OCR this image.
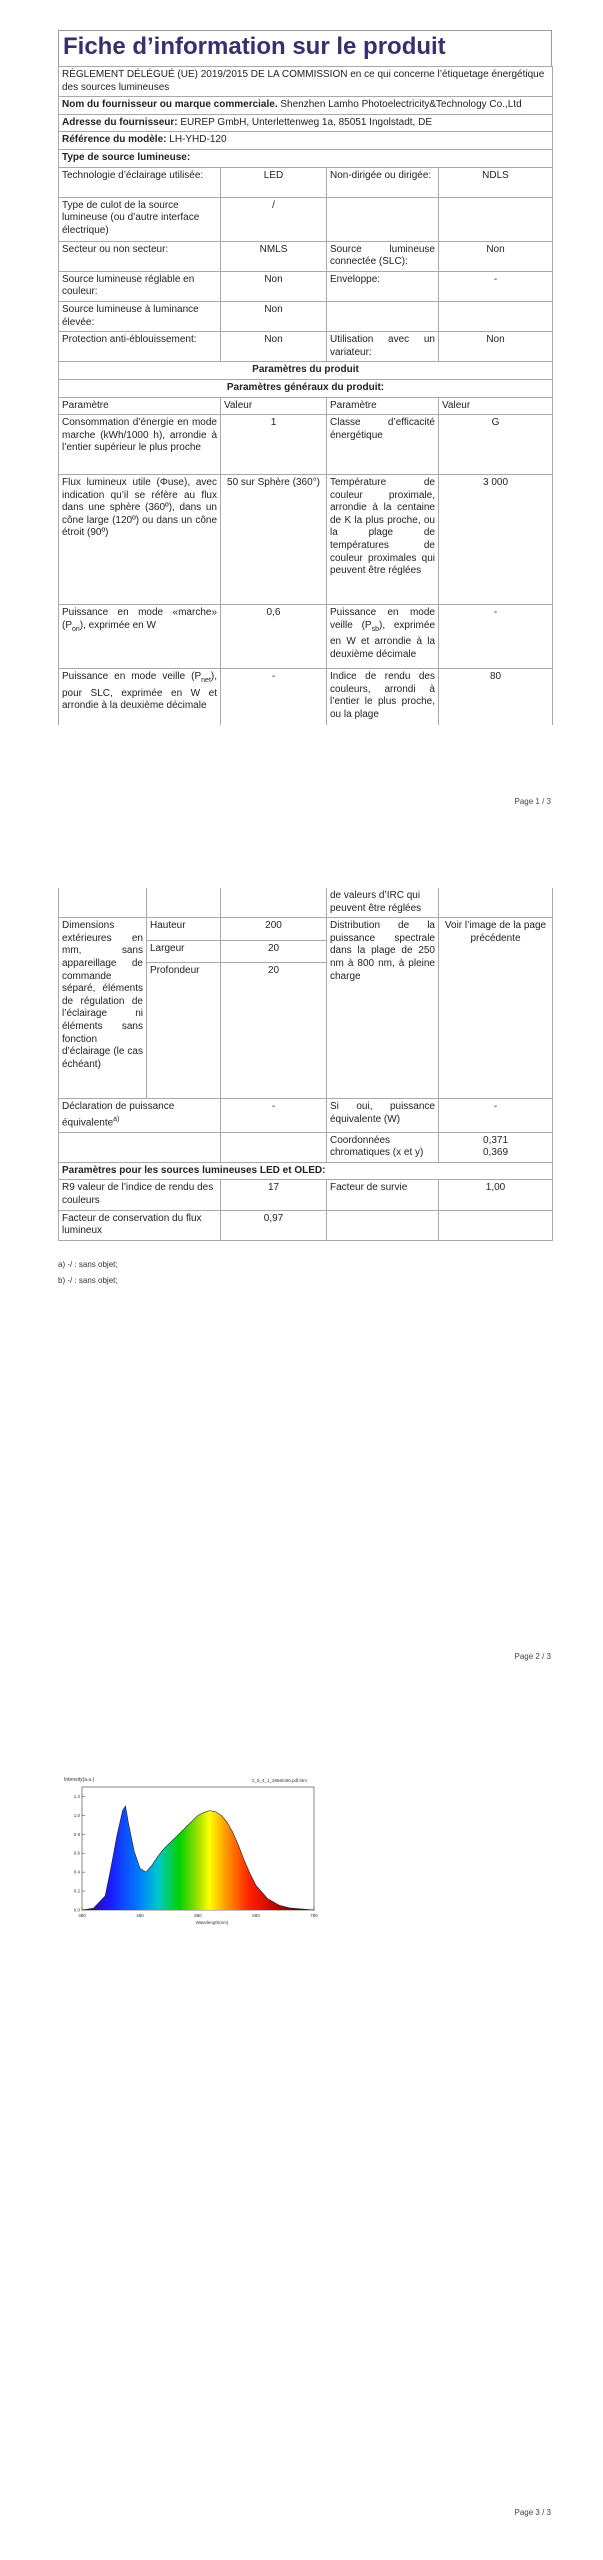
Fiche d’information sur le produit
RÈGLEMENT DÉLÉGUÉ (UE) 2019/2015 DE LA COMMISSION en ce qui concerne l’étiquetage énergétique des sources lumineuses			
Nom du fournisseur ou marque commerciale. Shenzhen Lamho Photoelectricity&Technology Co.,Ltd			
Adresse du fournisseur: EUREP GmbH, Unterlettenweg 1a, 85051 Ingolstadt, DE			
Référence du modèle: LH-YHD-120			
Type de source lumineuse:			
Technologie d’éclairage utilisée:	LED	Non-dirigée ou dirigée:	NDLS
Type de culot de la source lumineuse (ou d’autre interface électrique)	/		
Secteur ou non secteur:	NMLS	Source lumineuse connectée (SLC):	Non
Source lumineuse réglable en couleur:	Non	Enveloppe:	-
Source lumineuse à luminance élevée:	Non		
Protection anti-éblouissement:	Non	Utilisation avec un variateur:	Non
Paramètres du produit			
Paramètres généraux du produit:			
Paramètre	Valeur	Paramètre	Valeur
Consommation d’énergie en mode marche (kWh/1000 h), arrondie à l’entier supérieur le plus proche	1	Classe d’efficacité énergétique	G
Flux lumineux utile (Φuse), avec indication qu’il se réfère au flux dans une sphère (360º), dans un cône large (120º) ou dans un cône étroit (90º)	50 sur Sphère (360°)	Température de couleur proximale, arrondie à la centaine de K la plus proche, ou la plage de températures de couleur proximales qui peuvent être réglées	3 000
Puissance en mode «marche» $(P_{on})$, exprimée en W	0,6	Puissance en mode veille $(P_{sb})$, exprimée en W et arrondie à la deuxième décimale	-
Puissance en mode veille $(P_{net})$, pour SLC, exprimée en W et arrondie à la deuxième décimale	-	Indice de rendu des couleurs, arrondi à l’entier le plus proche, ou la plage	80
Page 1 / 3
			de valeurs d’IRC qui peuvent être réglées	
Dimensions extérieures en mm, sans appareillage de commande séparé, éléments de régulation de l’éclairage ni éléments sans fonction d’éclairage (le cas échéant)	Hauteur	200	Distribution de la puissance spectrale dans la plage de 250 nm à 800 nm, à pleine charge	Voir l’image de la page précédente
	Largeur	20		
	Profondeur	20		
Déclaration de puissance équivalente$^{a)}$		-	Si oui, puissance équivalente (W)	-
			Coordonnées chromatiques (x et y)	0,371
0,369

Paramètres pour les sources lumineuses LED et OLED:				
R9 valeur de l’indice de rendu des couleurs		17	Facteur de survie	1,00
Facteur de conservation du flux lumineux		0,97		
a) -/ : sans objet;
b) -/ : sans objet;
Page 2 / 3
Intensity(a.u.)	2_5_4_1_2856m00.pdf.htm
1.2
1.0
0.8
0.6
0.4
0.2
0.0
380	480	580	680	780
Wavelength(nm)
Page 3 / 3
